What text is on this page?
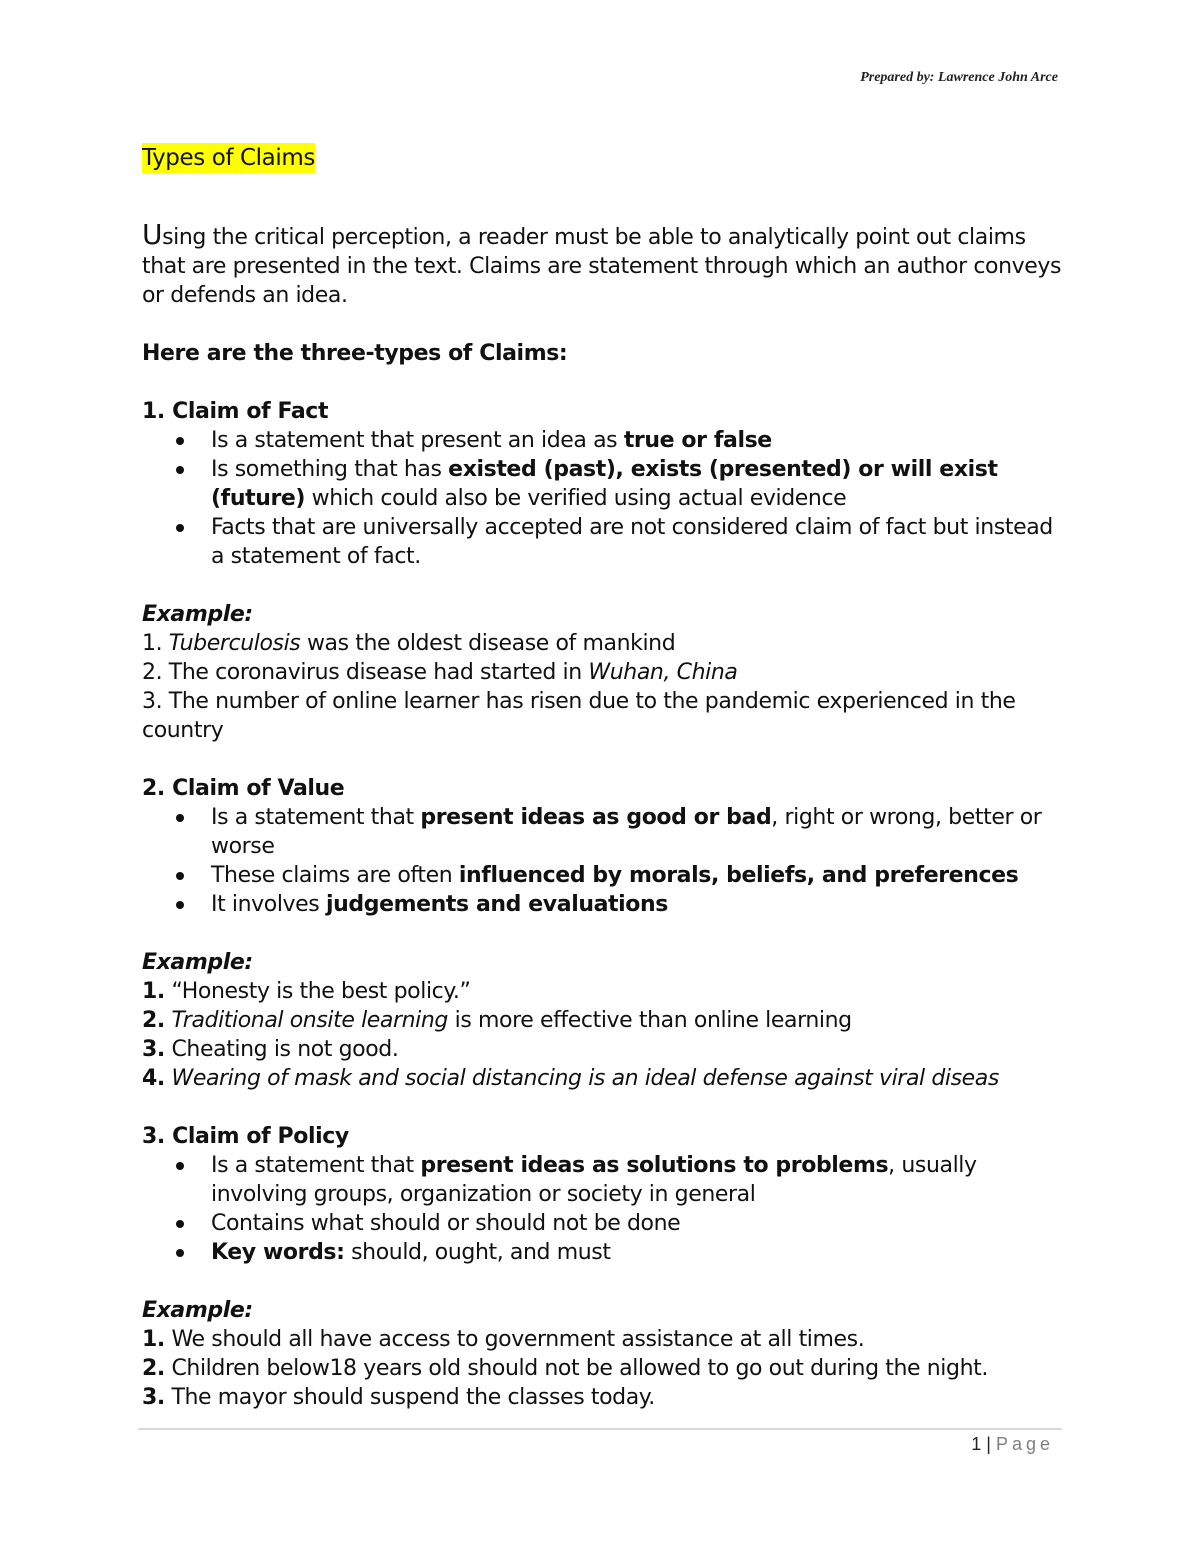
Prepared by: Lawrence John Arce

Types of Claims

Using the critical perception, a reader must be able to analytically point out claims that are presented in the text. Claims are statement through which an author conveys or defends an idea.

Here are the three-types of Claims:

1. Claim of Fact

Is a statement that present an idea as true or false
Is something that has existed (past), exists (presented) or will exist (future) which could also be verified using actual evidence
Facts that are universally accepted are not considered claim of fact but instead a statement of fact.

Example:

1. Tuberculosis was the oldest disease of mankind

2. The coronavirus disease had started in Wuhan, China

3. The number of online learner has risen due to the pandemic experienced in the country

2. Claim of Value

Is a statement that present ideas as good or bad, right or wrong, better or worse
These claims are often influenced by morals, beliefs, and preferences
It involves judgements and evaluations

Example:

1. “Honesty is the best policy.”

2. Traditional onsite learning is more effective than online learning

3. Cheating is not good.

4. Wearing of mask and social distancing is an ideal defense against viral diseas

3. Claim of Policy

Is a statement that present ideas as solutions to problems, usually involving groups, organization or society in general
Contains what should or should not be done
Key words: should, ought, and must

Example:

1. We should all have access to government assistance at all times.

2. Children below18 years old should not be allowed to go out during the night.

3. The mayor should suspend the classes today.

1 | Page
